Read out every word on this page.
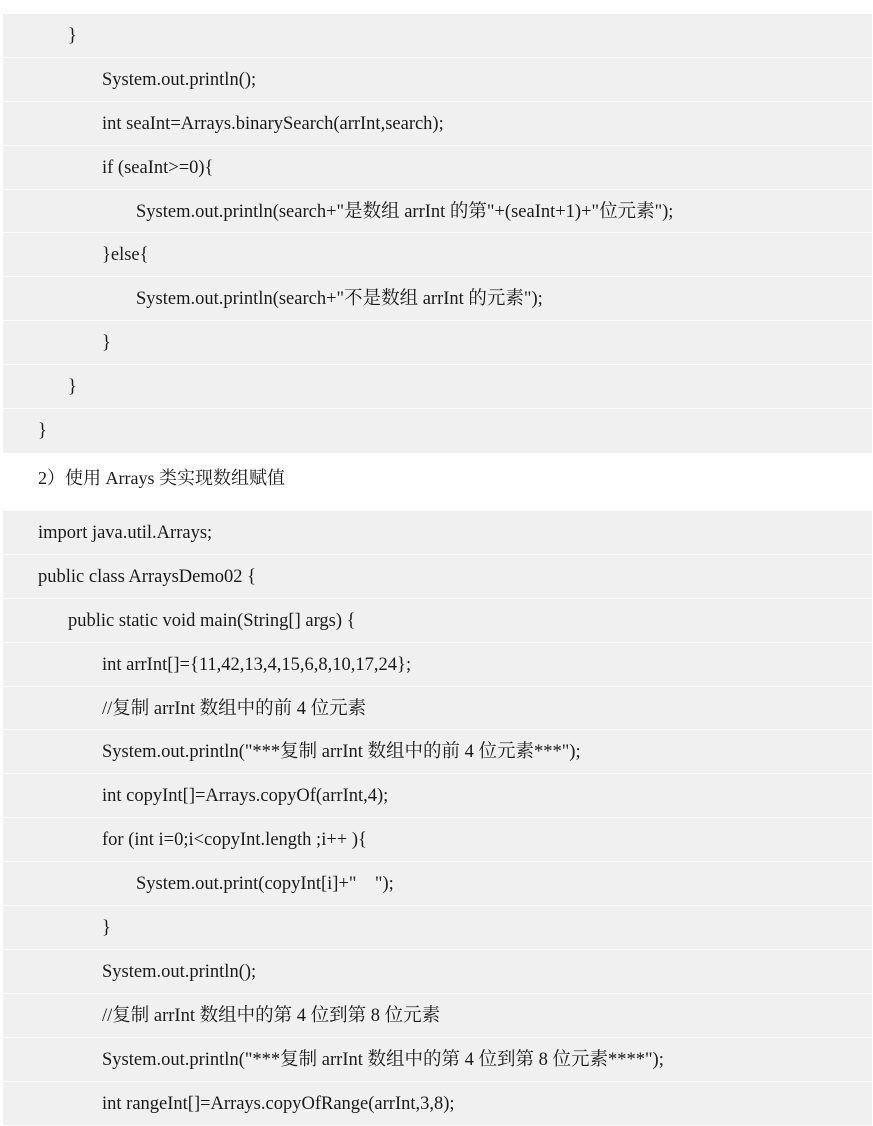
}
System.out.println();
int seaInt=Arrays.binarySearch(arrInt,search);
if (seaInt>=0){
System.out.println(search+"是数组 arrInt 的第"+(seaInt+1)+"位元素");
}else{
System.out.println(search+"不是数组 arrInt 的元素");
}
}
}
2）使用 Arrays 类实现数组赋值
import java.util.Arrays;
public class ArraysDemo02 {
public static void main(String[] args) {
int arrInt[]={11,42,13,4,15,6,8,10,17,24};
//复制 arrInt 数组中的前 4 位元素
System.out.println("***复制 arrInt 数组中的前 4 位元素***");
int copyInt[]=Arrays.copyOf(arrInt,4);
for (int i=0;i<copyInt.length ;i++ ){
System.out.print(copyInt[i]+"    ");
}
System.out.println();
//复制 arrInt 数组中的第 4 位到第 8 位元素
System.out.println("***复制 arrInt 数组中的第 4 位到第 8 位元素****");
int rangeInt[]=Arrays.copyOfRange(arrInt,3,8);
